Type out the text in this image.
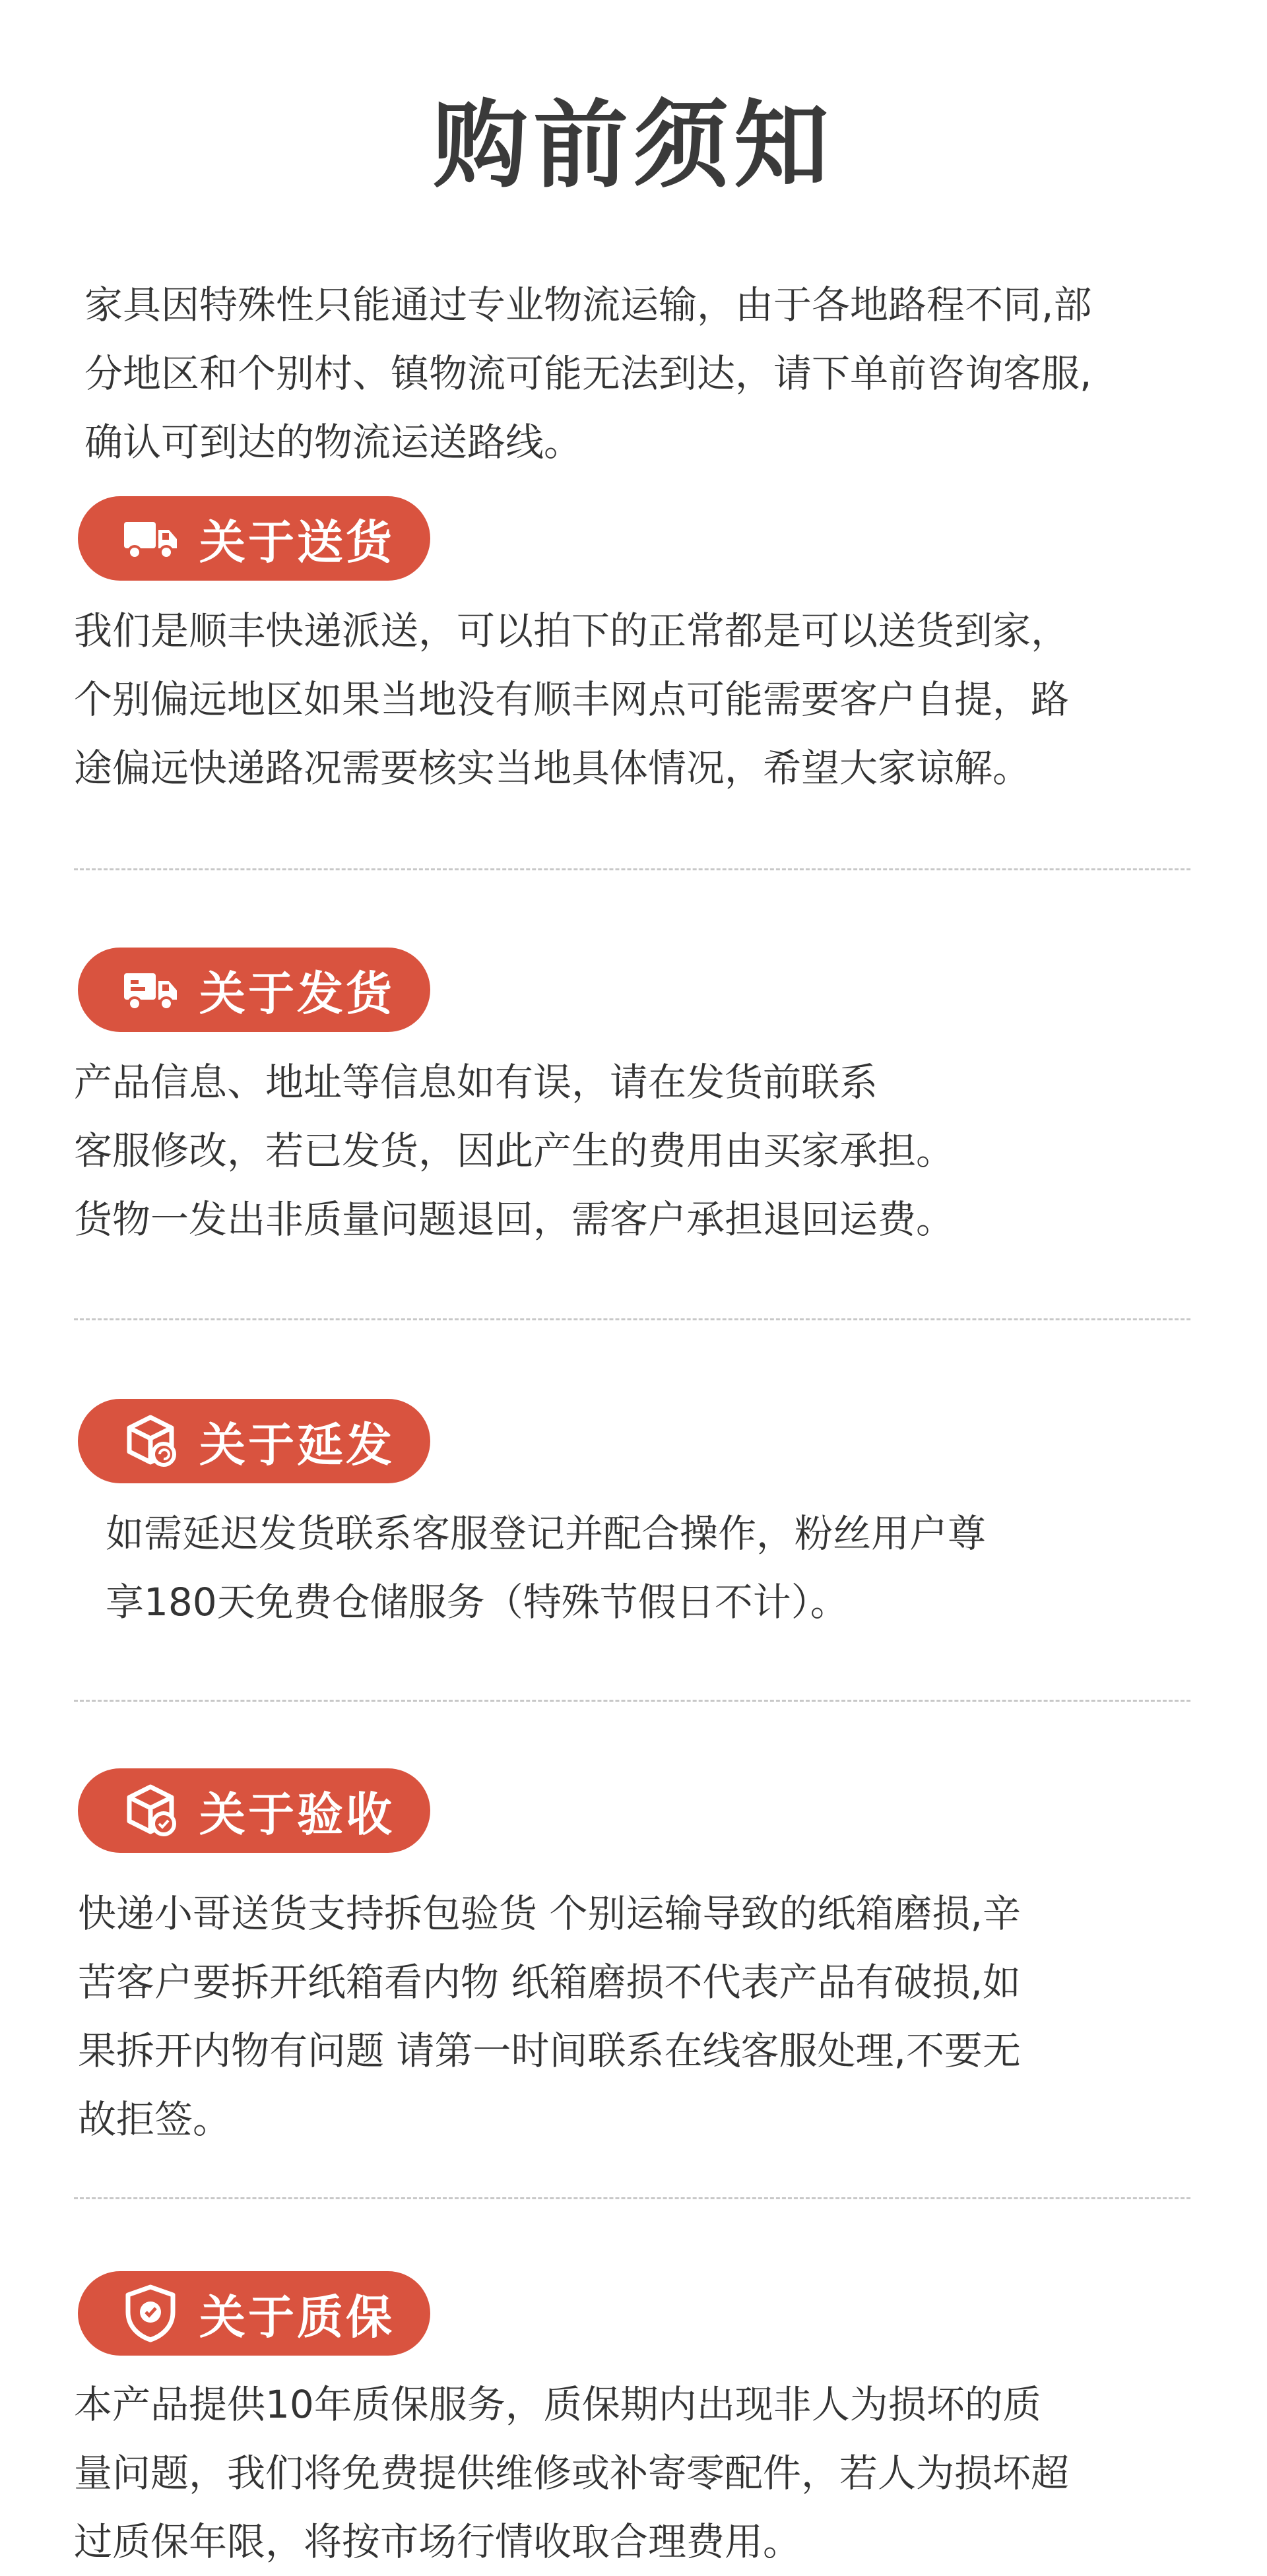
购前须知

家具因特殊性只能通过专业物流运输，由于各地路程不同,部

分地区和个别村、镇物流可能无法到达，请下单前咨询客服,

确认可到达的物流运送路线。

关于送货

我们是顺丰快递派送，可以拍下的正常都是可以送货到家，

个别偏远地区如果当地没有顺丰网点可能需要客户自提，路

途偏远快递路况需要核实当地具体情况，希望大家谅解。

关于发货

产品信息、地址等信息如有误，请在发货前联系

客服修改，若已发货，因此产生的费用由买家承担。

货物一发出非质量问题退回，需客户承担退回运费。

关于延发

如需延迟发货联系客服登记并配合操作，粉丝用户尊

享180天免费仓储服务（特殊节假日不计）。

关于验收

快递小哥送货支持拆包验货 个别运输导致的纸箱磨损,辛

苦客户要拆开纸箱看内物 纸箱磨损不代表产品有破损,如

果拆开内物有问题 请第一时间联系在线客服处理,不要无

故拒签。

关于质保

本产品提供10年质保服务，质保期内出现非人为损坏的质

量问题，我们将免费提供维修或补寄零配件，若人为损坏超

过质保年限，将按市场行情收取合理费用。
